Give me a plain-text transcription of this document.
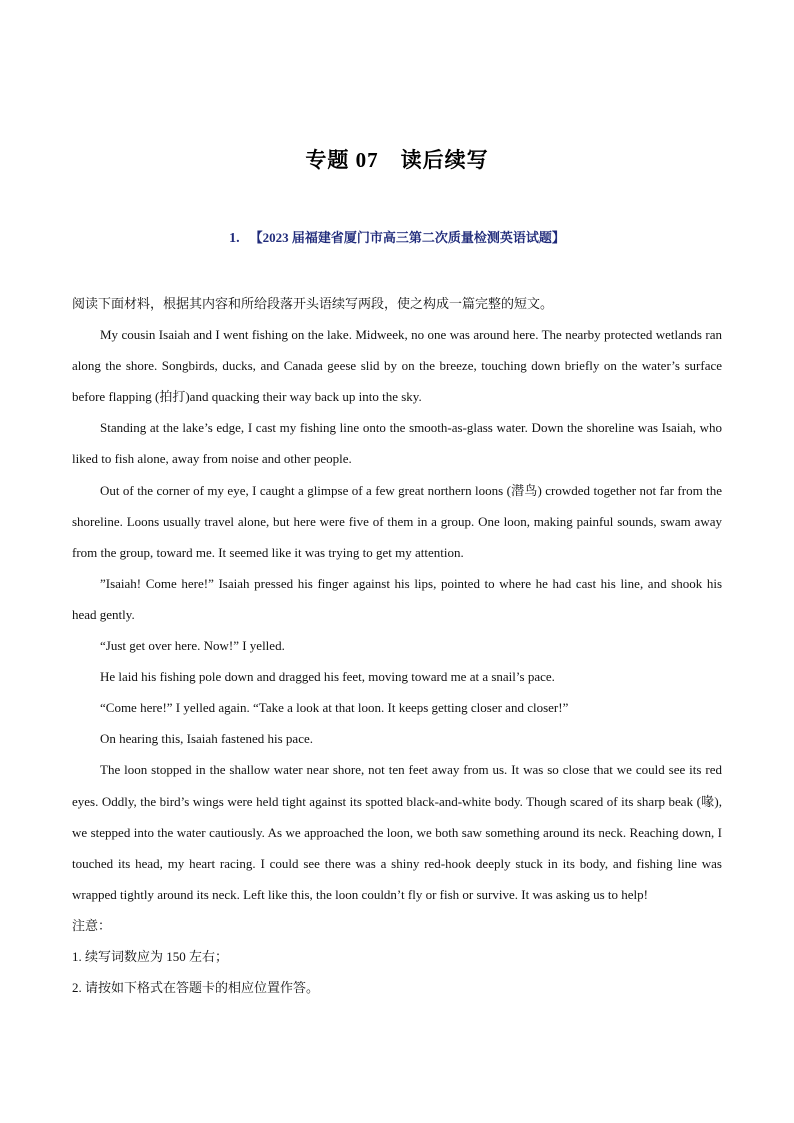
专题 07　读后续写
1. 【2023 届福建省厦门市高三第二次质量检测英语试题】

阅读下面材料，根据其内容和所给段落开头语续写两段，使之构成一篇完整的短文。

My cousin Isaiah and I went fishing on the lake. Midweek, no one was around here. The nearby protected wetlands ran along the shore. Songbirds, ducks, and Canada geese slid by on the breeze, touching down briefly on the water’s surface before flapping (拍打)and quacking their way back up into the sky.

Standing at the lake’s edge, I cast my fishing line onto the smooth-as-glass water. Down the shoreline was Isaiah, who liked to fish alone, away from noise and other people.

Out of the corner of my eye, I caught a glimpse of a few great northern loons (潜鸟) crowded together not far from the shoreline. Loons usually travel alone, but here were five of them in a group. One loon, making painful sounds, swam away from the group, toward me. It seemed like it was trying to get my attention.

”Isaiah! Come here!” Isaiah pressed his finger against his lips, pointed to where he had cast his line, and shook his head gently.

“Just get over here. Now!” I yelled.

He laid his fishing pole down and dragged his feet, moving toward me at a snail’s pace.

“Come here!” I yelled again. “Take a look at that loon. It keeps getting closer and closer!”

On hearing this, Isaiah fastened his pace.

The loon stopped in the shallow water near shore, not ten feet away from us. It was so close that we could see its red eyes. Oddly, the bird’s wings were held tight against its spotted black-and-white body. Though scared of its sharp beak (喙), we stepped into the water cautiously. As we approached the loon, we both saw something around its neck. Reaching down, I touched its head, my heart racing. I could see there was a shiny red-hook deeply stuck in its body, and fishing line was wrapped tightly around its neck. Left like this, the loon couldn’t fly or fish or survive. It was asking us to help!

注意：

1. 续写词数应为 150 左右；

2. 请按如下格式在答题卡的相应位置作答。
